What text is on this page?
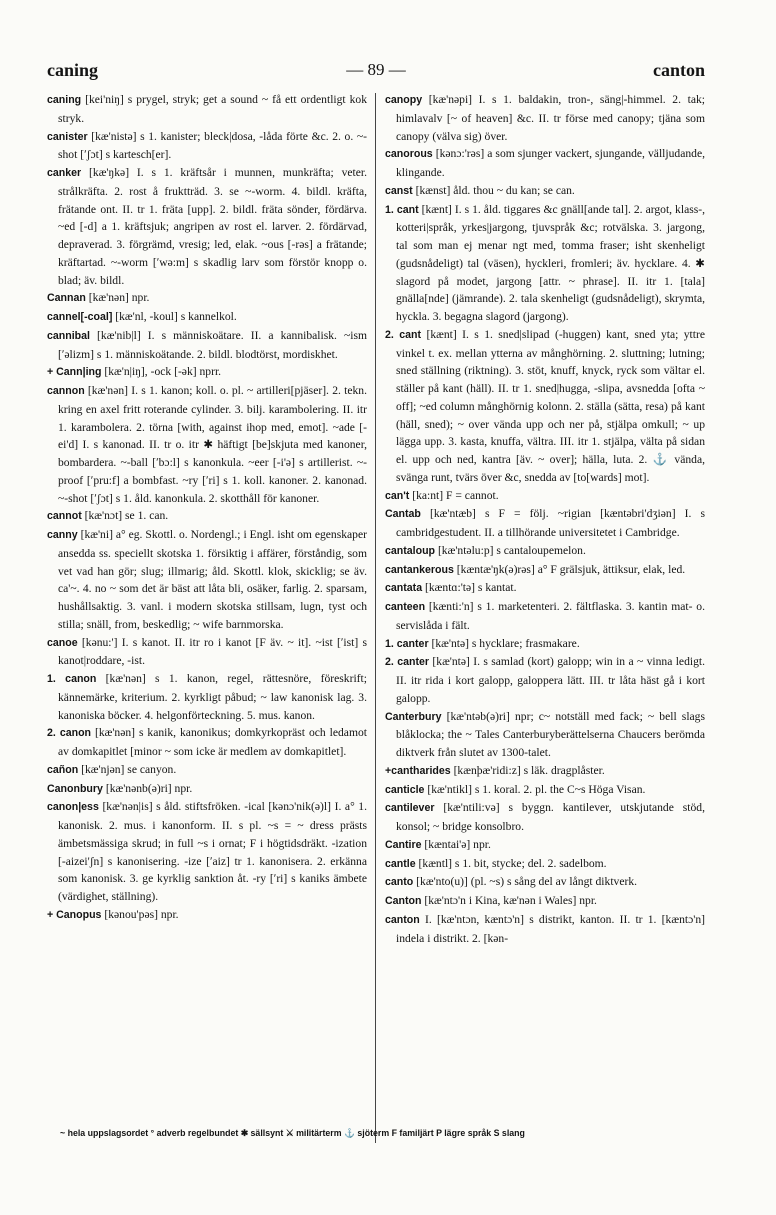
— 89 —
caning	canton

caning [kei'niŋ] s prygel, stryk; get a sound ~ få ett ordentligt kok stryk.

canister [kæ'nistə] s 1. kanister; bleck|dosa, -låda förte &c. 2. o. ~-shot [ʹʃɔt] s kartesch[er].

canker [kæ'ŋkə] I. s 1. kräftsår i munnen, munkräfta; veter. strålkräfta. 2. rost å fruktträd. 3. se ~-worm. 4. bildl. kräfta, frätande ont. II. tr 1. fräta [upp]. 2. bildl. fräta sönder, fördärva. ~ed [-d] a 1. kräftsjuk; angripen av rost el. larver. 2. fördärvad, depraverad. 3. förgrämd, vresig; led, elak. ~ous [-rəs] a frätande; kräftartad. ~-worm [ʹwə:m] s skadlig larv som förstör knopp o. blad; äv. bildl.

Cannan [kæ'nən] npr.

cannel[-coal] [kæ'nl, -koul] s kannelkol.

cannibal [kæ'nib|l] I. s människoätare. II. a kannibalisk. ~ism [ʹəlizm] s 1. människoätande. 2. bildl. blodtörst, mordiskhet.

+ Cann|ing [kæ'n|iŋ], -ock [-ək] nprr.

cannon [kæ'nən] I. s 1. kanon; koll. o. pl. ~ artilleri[pjäser]. 2. tekn. kring en axel fritt roterande cylinder. 3. bilj. karambolering. II. itr 1. karambolera. 2. törna [with, against ihop med, emot]. ~ade [-ei'd] I. s kanonad. II. tr o. itr ✱ häftigt [be]skjuta med kanoner, bombardera. ~-ball [ʹbɔ:l] s kanonkula. ~eer [-i'ə] s artillerist. ~-proof [ʹpru:f] a bombfast. ~ry [ʹri] s 1. koll. kanoner. 2. kanonad. ~-shot [ʹʃɔt] s 1. åld. kanonkula. 2. skotthåll för kanoner.

cannot [kæ'nɔt] se 1. can.

canny [kæ'ni] a° eg. Skottl. o. Nordengl.; i Engl. isht om egenskaper ansedda ss. speciellt skotska 1. försiktig i affärer, förståndig, som vet vad han gör; slug; illmarig; åld. Skottl. klok, skicklig; se äv. ca'~. 4. no ~ som det är bäst att låta bli, osäker, farlig. 2. sparsam, hushållsaktig. 3. vanl. i modern skotska stillsam, lugn, tyst och stilla; snäll, from, beskedlig; ~ wife barnmorska.

canoe [kənu:'] I. s kanot. II. itr ro i kanot [F äv. ~ it]. ~ist [ʹist] s kanot|roddare, -ist.

1. canon [kæ'nən] s 1. kanon, regel, rättesnöre, föreskrift; kännemärke, kriterium. 2. kyrkligt påbud; ~ law kanonisk lag. 3. kanoniska böcker. 4. helgonförteckning. 5. mus. kanon.

2. canon [kæ'nən] s kanik, kanonikus; domkyrkopräst och ledamot av domkapitlet [minor ~ som icke är medlem av domkapitlet].

cañon [kæ'njən] se canyon.

Canonbury [kæ'nənb(ə)ri] npr.

canon|ess [kæ'nən|is] s åld. stiftsfröken. -ical [kənɔ'nik(ə)l] I. a° 1. kanonisk. 2. mus. i kanonform. II. s pl. ~s = ~ dress prästs ämbetsmässiga skrud; in full ~s i ornat; F i högtidsdräkt. -ization [-aizei'ʃn] s kanonisering. -ize [ʹaiz] tr 1. kanonisera. 2. erkänna som kanonisk. 3. ge kyrklig sanktion åt. -ry [ʹri] s kaniks ämbete (värdighet, ställning).

+ Canopus [kənou'pəs] npr.

canopy [kæ'nəpi] I. s 1. baldakin, tron-, säng|-himmel. 2. tak; himlavalv [~ of heaven] &c. II. tr förse med canopy; tjäna som canopy (välva sig) över.

canorous [kənɔ:'rəs] a som sjunger vackert, sjungande, välljudande, klingande.

canst [kænst] åld. thou ~ du kan; se can.

1. cant [kænt] I. s 1. åld. tiggares &c gnäll[ande tal]. 2. argot, klass-, kotteri|språk, yrkes|jargong, tjuvspråk &c; rotvälska. 3. jargong, tal som man ej menar ngt med, tomma fraser; isht skenheligt (gudsnådeligt) tal (väsen), hyckleri, fromleri; äv. hycklare. 4. ✱ slagord på modet, jargong [attr. ~ phrase]. II. itr 1. [tala] gnälla[nde] (jämrande). 2. tala skenheligt (gudsnådeligt), skrymta, hyckla. 3. begagna slagord (jargong).

2. cant [kænt] I. s 1. sned|slipad (-huggen) kant, sned yta; yttre vinkel t. ex. mellan ytterna av månghörning. 2. sluttning; lutning; sned ställning (riktning). 3. stöt, knuff, knyck, ryck som vältar el. ställer på kant (häll). II. tr 1. sned|hugga, -slipa, avsnedda [ofta ~ off]; ~ed column månghörnig kolonn. 2. ställa (sätta, resa) på kant (häll, sned); ~ over vända upp och ner på, stjälpa omkull; ~ up lägga upp. 3. kasta, knuffa, vältra. III. itr 1. stjälpa, välta på sidan el. upp och ned, kantra [äv. ~ over]; hälla, luta. 2. ⚓ vända, svänga runt, tvärs över &c, snedda av [to[wards] mot].

can't [ka:nt] F = cannot.

Cantab [kæ'ntæb] s F = följ. ~rigian [kæntəbri'dʒiən] I. s cambridgestudent. II. a tillhörande universitetet i Cambridge.

cantaloup [kæ'ntəlu:p] s cantaloupemelon.

cantankerous [kæntæ'ŋk(ə)rəs] a° F grälsjuk, ättiksur, elak, led.

cantata [kæntɑ:'tə] s kantat.

canteen [kænti:'n] s 1. marketenteri. 2. fältflaska. 3. kantin mat- o. servislåda i fält.

1. canter [kæ'ntə] s hycklare; frasmakare.

2. canter [kæ'ntə] I. s samlad (kort) galopp; win in a ~ vinna ledigt. II. itr rida i kort galopp, galoppera lätt. III. tr låta häst gå i kort galopp.

Canterbury [kæ'ntəb(ə)ri] npr; c~ notställ med fack; ~ bell slags blåklocka; the ~ Tales Canterburyberättelserna Chaucers berömda diktverk från slutet av 1300-talet.

+cantharides [kænþæ'ridi:z] s läk. dragplåster.

canticle [kæ'ntikl] s 1. koral. 2. pl. the C~s Höga Visan.

cantilever [kæ'ntili:və] s byggn. kantilever, utskjutande stöd, konsol; ~ bridge konsolbro.

Cantire [kæntai'ə] npr.

cantle [kæntl] s 1. bit, stycke; del. 2. sadelbom.

canto [kæ'nto(u)] (pl. ~s) s sång del av långt diktverk.

Canton [kæ'ntɔ'n i Kina, kæ'nən i Wales] npr.

canton I. [kæ'ntɔn, kæntɔ'n] s distrikt, kanton. II. tr 1. [kæntɔ'n] indela i distrikt. 2. [kən-

~ hela uppslagsordet ° adverb regelbundet ✱ sällsynt ⚔ militärterm ⚓ sjöterm F familjärt P lägre språk S slang
